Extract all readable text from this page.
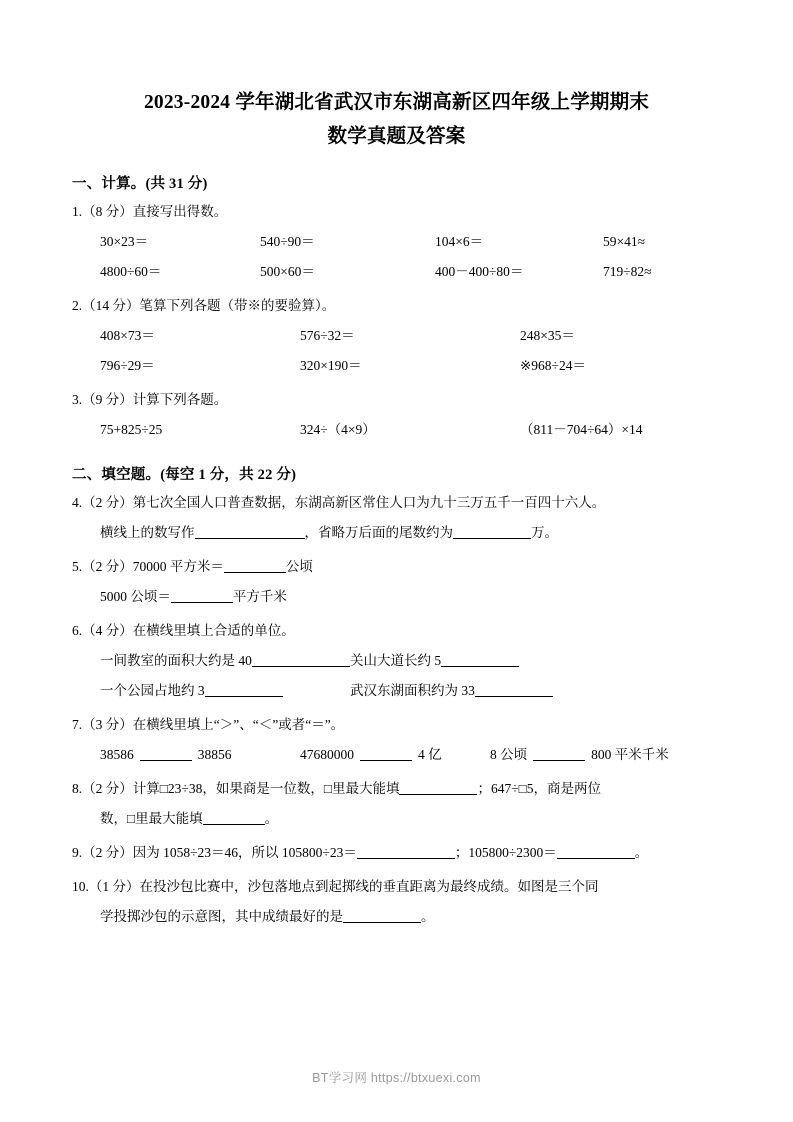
2023-2024 学年湖北省武汉市东湖高新区四年级上学期期末
数学真题及答案
一、计算。(共 31 分)
1.（8 分）直接写出得数。
30×23＝	540÷90＝	104×6＝	59×41≈
4800÷60＝	500×60＝	400－400÷80＝	719÷82≈
2.（14 分）笔算下列各题（带※的要验算）。
408×73＝	576÷32＝	248×35＝
796÷29＝	320×190＝	※968÷24＝
3.（9 分）计算下列各题。
75+825÷25	324÷（4×9）	（811－704÷64）×14
二、填空题。(每空 1 分，共 22 分)
4.（2 分）第七次全国人口普查数据，东湖高新区常住人口为九十三万五千一百四十六人。
横线上的数写作	，省略万后面的尾数约为	万。
5.（2 分）70000 平方米＝	公顷
5000 公顷＝	平方千米
6.（4 分）在横线里填上合适的单位。
一间教室的面积大约是 40	关山大道长约 5
一个公园占地约 3	武汉东湖面积约为 33
7.（3 分）在横线里填上“＞”、“＜”或者“＝”。
38586	38856	47680000	4 亿	8 公顷	800 平米千米
8.（2 分）计算□23÷38，如果商是一位数，□里最大能填	；647÷□5，商是两位
数，□里最大能填	。
9.（2 分）因为 1058÷23＝46，所以 105800÷23＝	；105800÷2300＝	。
10.（1 分）在投沙包比赛中，沙包落地点到起掷线的垂直距离为最终成绩。如图是三个同
学投掷沙包的示意图，其中成绩最好的是	。
BT学习网 https://btxuexi.com
